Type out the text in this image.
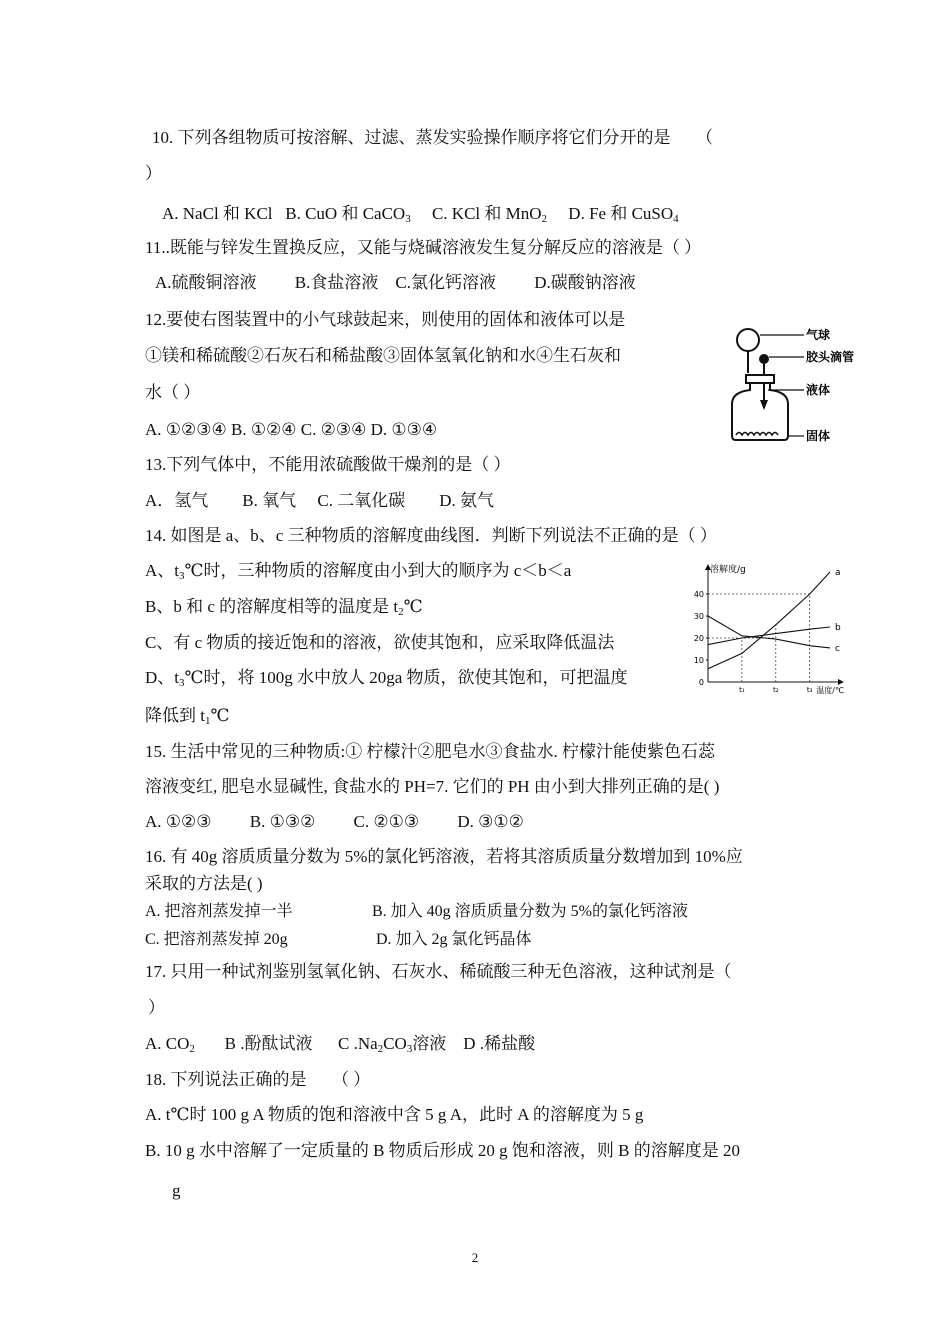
10. 下列各组物质可按溶解、过滤、蒸发实验操作顺序将它们分开的是　　（
）
A. NaCl 和 KCl B. CuO 和 CaCO$_3$ C. KCl 和 MnO$_2$ D. Fe 和 CuSO$_4$
11..既能与锌发生置换反应，又能与烧碱溶液发生复分解反应的溶液是（ ）
A.硫酸铜溶液　　 B.食盐溶液　C.氯化钙溶液　　 D.碳酸钠溶液
12.要使右图装置中的小气球鼓起来，则使用的固体和液体可以是
①镁和稀硫酸②石灰石和稀盐酸③固体氢氧化钠和水④生石灰和
水（ ）
A. ①②③④ B. ①②④ C. ②③④ D. ①③④
气球
胶头滴管
液体
固体
13.下列气体中，不能用浓硫酸做干燥剂的是（ ）
A．氢气　　B. 氧气　 C. 二氧化碳　　D. 氨气
14. 如图是 a、b、c 三种物质的溶解度曲线图．判断下列说法不正确的是（ ）
A、$t_3℃$时，三种物质的溶解度由小到大的顺序为 c＜b＜a
B、b 和 c 的溶解度相等的温度是 $t_2℃$
C、有 c 物质的接近饱和的溶液，欲使其饱和，应采取降低温法
D、$t_3℃$时，将 100g 水中放人 20ga 物质，欲使其饱和，可把温度
降低到 $t_1℃$
0
10
20
30
40
t₁	t₂	t₃
溶解度/g
温度/℃
a
b
c
15. 生活中常见的三种物质:① 柠檬汁②肥皂水③食盐水. 柠檬汁能使紫色石蕊
溶液变红, 肥皂水显碱性, 食盐水的 PH=7. 它们的 PH 由小到大排列正确的是( )
A. ①②③　　 B. ①③②　　 C. ②①③　　 D. ③①②
16. 有 40g 溶质质量分数为 5%的氯化钙溶液，若将其溶质质量分数增加到 10%应
采取的方法是( )
A. 把溶剂蒸发掉一半	B. 加入 40g 溶质质量分数为 5%的氯化钙溶液
C. 把溶剂蒸发掉 20g	D. 加入 2g 氯化钙晶体
17. 只用一种试剂鉴别氢氧化钠、石灰水、稀硫酸三种无色溶液，这种试剂是（
）
A. $CO_2$ B .酚酞试液 C $.Na_2CO_3$溶液 D .稀盐酸
18. 下列说法正确的是　　（ ）
A. t℃时 100 g A 物质的饱和溶液中含 5 g A，此时 A 的溶解度为 5 g
B. 10 g 水中溶解了一定质量的 B 物质后形成 20 g 饱和溶液，则 B 的溶解度是 20
g
2
